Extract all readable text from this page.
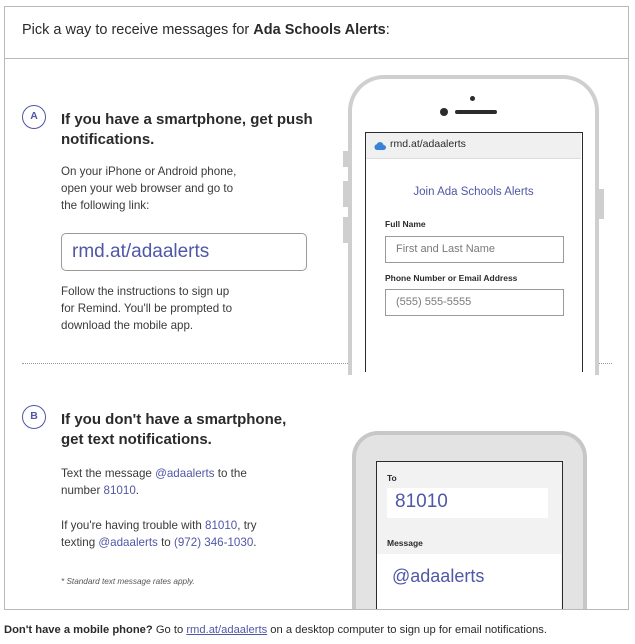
Pick a way to receive messages for Ada Schools Alerts:
A	If you have a smartphone, get push
notifications.
On your iPhone or Android phone,
open your web browser and go to
the following link:
rmd.at/adaalerts
Follow the instructions to sign up
for Remind. You'll be prompted to
download the mobile app.
rmd.at/adaalerts
Join Ada Schools Alerts
Full Name
First and Last Name
Phone Number or Email Address
(555) 555-5555
B	If you don't have a smartphone,
get text notifications.
Text the message @adaalerts to the
number 81010.
If you're having trouble with 81010, try
texting @adaalerts to (972) 346-1030.
* Standard text message rates apply.
To
81010
Message
@adaalerts
Don't have a mobile phone? Go to rmd.at/adaalerts on a desktop computer to sign up for email notifications.
